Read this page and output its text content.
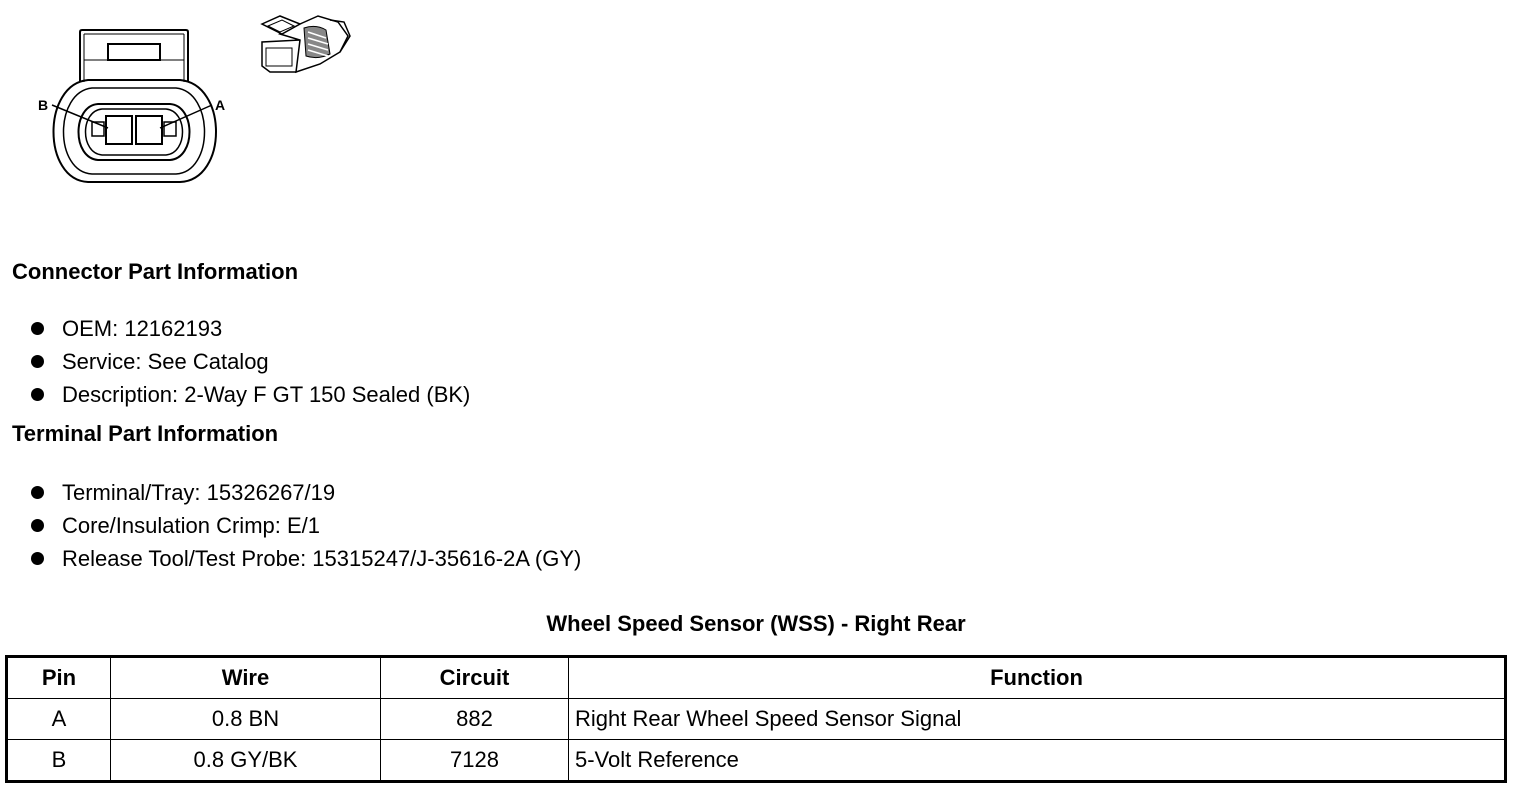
B	A
Connector Part Information
OEM: 12162193
Service: See Catalog
Description: 2-Way F GT 150 Sealed (BK)
Terminal Part Information
Terminal/Tray: 15326267/19
Core/Insulation Crimp: E/1
Release Tool/Test Probe: 15315247/J-35616-2A (GY)
Wheel Speed Sensor (WSS) - Right Rear
Pin	Wire	Circuit	Function
A	0.8 BN	882	Right Rear Wheel Speed Sensor Signal
B	0.8 GY/BK	7128	5-Volt Reference
